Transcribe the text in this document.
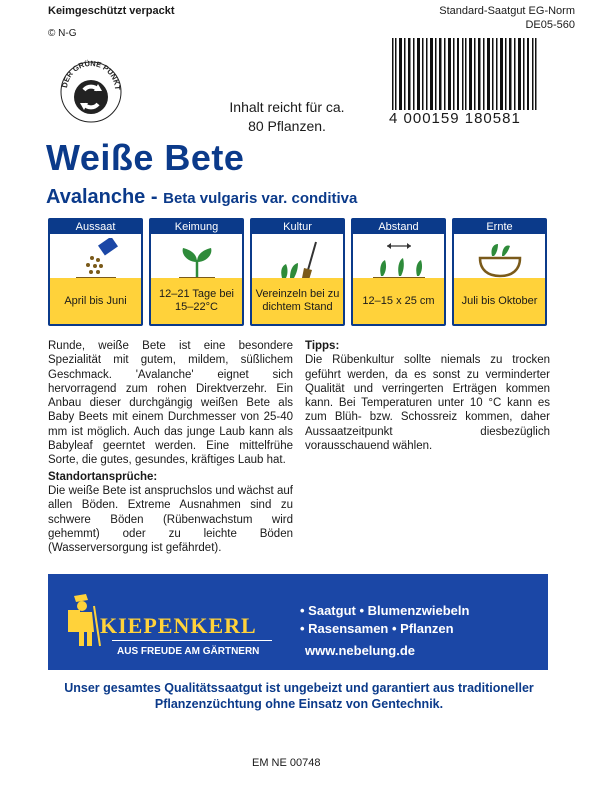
Keimgeschützt verpackt
© N-G
Standard-Saatgut EG-Norm
DE05-560
DER GRÜNE PUNKT
Inhalt reicht für ca.
80 Pflanzen.	4 000159 180581
Weiße Bete
Avalanche - Beta vulgaris var. conditiva
Aussaat
April bis Juni
Keimung
12–21 Tage bei 15–22°C
Kultur
Vereinzeln bei zu dichtem Stand
Abstand
12–15 x 25 cm
Ernte
Juli bis Oktober

Runde, weiße Bete ist eine besondere Spezialität mit gutem, mildem, süßlichem Geschmack. 'Avalanche' eignet sich hervorragend zum rohen Direktverzehr. Ein Anbau dieser durchgängig weißen Bete als Baby Beets mit einem Durchmesser von 25-40 mm ist möglich. Auch das junge Laub kann als Babyleaf geerntet werden. Eine mittelfrühe Sorte, die gutes, gesundes, kräftiges Laub hat.

Standortansprüche:

Die weiße Bete ist anspruchslos und wächst auf allen Böden. Extreme Ausnahmen sind zu schwere Böden (Rübenwachstum wird gehemmt) oder zu leichte Böden (Wasserversorgung ist gefährdet).

Tipps:

Die Rübenkultur sollte niemals zu trocken geführt werden, da es sonst zu verminderter Qualität und verringerten Erträgen kommen kann. Bei Temperaturen unter 10 °C kann es zum Blüh- bzw. Schossreiz kommen, daher Aussaatzeitpunkt diesbezüglich vorausschauend wählen.

KIEPENKERL
AUS FREUDE AM GÄRTNERN
• Saatgut • Blumenzwiebeln
• Rasensamen • Pflanzen
www.nebelung.de
Unser gesamtes Qualitätssaatgut ist ungebeizt und garantiert aus traditioneller Pflanzenzüchtung ohne Einsatz von Gentechnik.
EM NE 00748
